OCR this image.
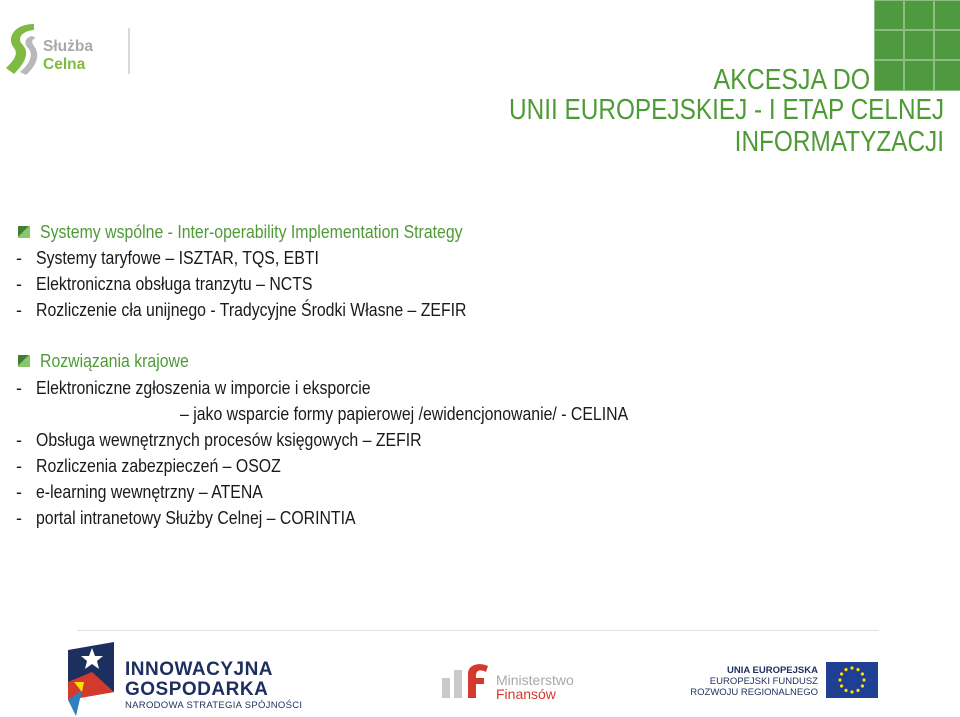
Służba
Celna	AKCESJA DO
UNII EUROPEJSKIEJ - I ETAP CELNEJ INFORMATYZACJI
Systemy wspólne - Inter-operability Implementation Strategy
- Systemy taryfowe – ISZTAR, TQS, EBTI
- Elektroniczna obsługa tranzytu – NCTS
- Rozliczenie cła unijnego - Tradycyjne Środki Własne – ZEFIR
Rozwiązania krajowe
- Elektroniczne zgłoszenia w imporcie i eksporcie
– jako wsparcie formy papierowej /ewidencjonowanie/ - CELINA
- Obsługa wewnętrznych procesów księgowych – ZEFIR
- Rozliczenia zabezpieczeń – OSOZ
- e-learning wewnętrzny – ATENA
- portal intranetowy Służby Celnej – CORINTIA
INNOWACYJNA
GOSPODARKA
NARODOWA STRATEGIA SPÓJNOŚCI
Ministerstwo
Finansów
UNIA EUROPEJSKA
EUROPEJSKI FUNDUSZ
ROZWOJU REGIONALNEGO
